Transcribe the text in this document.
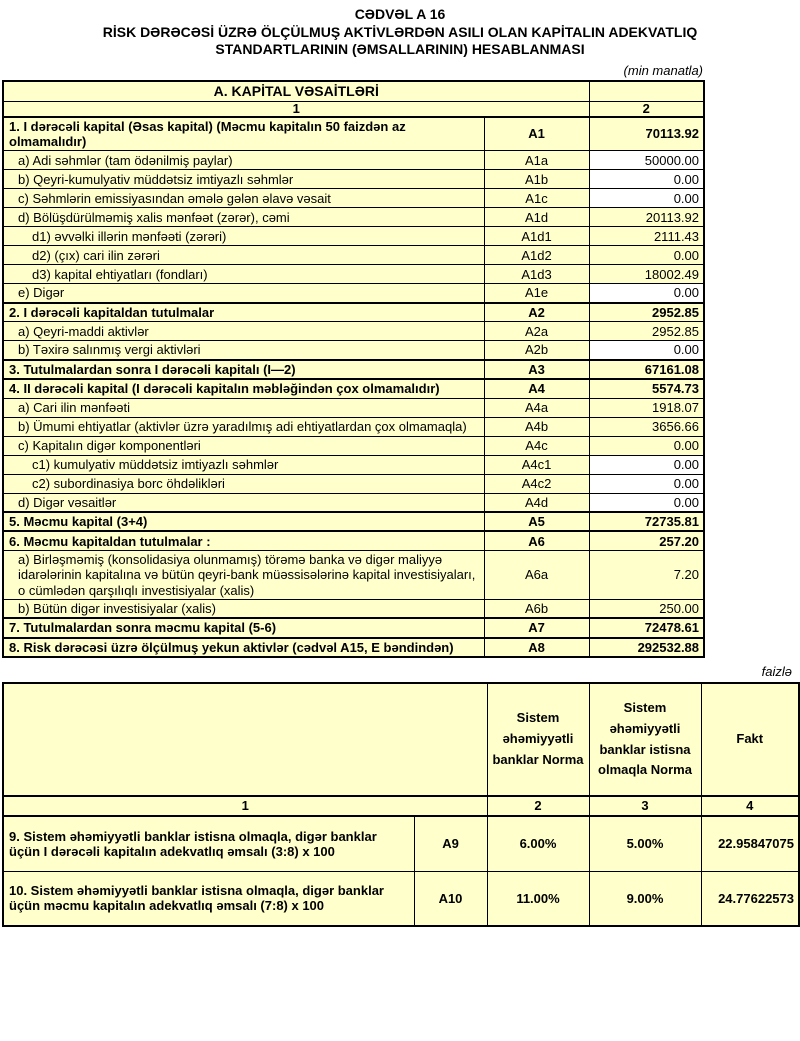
CƏDVƏL A 16
RİSK DƏRƏCƏSİ ÜZRƏ ÖLÇÜLMUŞ AKTİVLƏRDƏN ASILI OLAN KAPİTALIN ADEKVATLIQ
STANDARTLARININ (ƏMSALLARININ) HESABLANMASI
(min manatla)
A. KAPİTAL VƏSAİTLƏRİ		
1		2
1. I dərəcəli kapital (Əsas kapital) (Məcmu kapitalın 50 faizdən az olmamalıdır)	A1	70113.92
a) Adi səhmlər (tam ödənilmiş paylar)	A1a	50000.00
b) Qeyri-kumulyativ müddətsiz imtiyazlı səhmlər	A1b	0.00
c) Səhmlərin emissiyasından əmələ gələn əlavə vəsait	A1c	0.00
d) Bölüşdürülməmiş xalis mənfəət (zərər), cəmi	A1d	20113.92
d1) əvvəlki illərin mənfəəti (zərəri)	A1d1	2111.43
d2) (çıx) cari ilin zərəri	A1d2	0.00
d3) kapital ehtiyatları (fondları)	A1d3	18002.49
e) Digər	A1e	0.00
2. I dərəcəli kapitaldan tutulmalar	A2	2952.85
a) Qeyri-maddi aktivlər	A2a	2952.85
b) Təxirə salınmış vergi aktivləri	A2b	0.00
3. Tutulmalardan sonra I dərəcəli kapitalı (I—2)	A3	67161.08
4. II dərəcəli kapital (I dərəcəli kapitalın məbləğindən çox olmamalıdır)	A4	5574.73
a) Cari ilin mənfəəti	A4a	1918.07
b) Ümumi ehtiyatlar (aktivlər üzrə yaradılmış adi ehtiyatlardan çox olmamaqla)	A4b	3656.66
c) Kapitalın digər komponentləri	A4c	0.00
c1) kumulyativ müddətsiz imtiyazlı səhmlər	A4c1	0.00
c2) subordinasiya borc öhdəlikləri	A4c2	0.00
d) Digər vəsaitlər	A4d	0.00
5. Məcmu kapital (3+4)	A5	72735.81
6. Məcmu kapitaldan tutulmalar :	A6	257.20
a) Birləşməmiş (konsolidasiya olunmamış) törəmə banka və digər maliyyə idarələrinin kapitalına və bütün qeyri-bank müəssisələrinə kapital investisiyaları, o cümlədən qarşılıqlı investisiyalar (xalis)	A6a	7.20
b) Bütün digər investisiyalar (xalis)	A6b	250.00
7. Tutulmalardan sonra məcmu kapital (5-6)	A7	72478.61
8. Risk dərəcəsi üzrə ölçülmuş yekun aktivlər (cədvəl A15, E bəndindən)	A8	292532.88
faizlə
		Sistem əhəmiyyətli banklar Norma	Sistem əhəmiyyətli banklar istisna olmaqla Norma	Fakt
1		2	3	4
9. Sistem əhəmiyyətli banklar istisna olmaqla, digər banklar üçün I dərəcəli kapitalın adekvatlıq əmsalı (3:8) x 100	A9	6.00%	5.00%	22.95847075
10. Sistem əhəmiyyətli banklar istisna olmaqla, digər banklar üçün məcmu kapitalın adekvatlıq əmsalı (7:8) x 100	A10	11.00%	9.00%	24.77622573
